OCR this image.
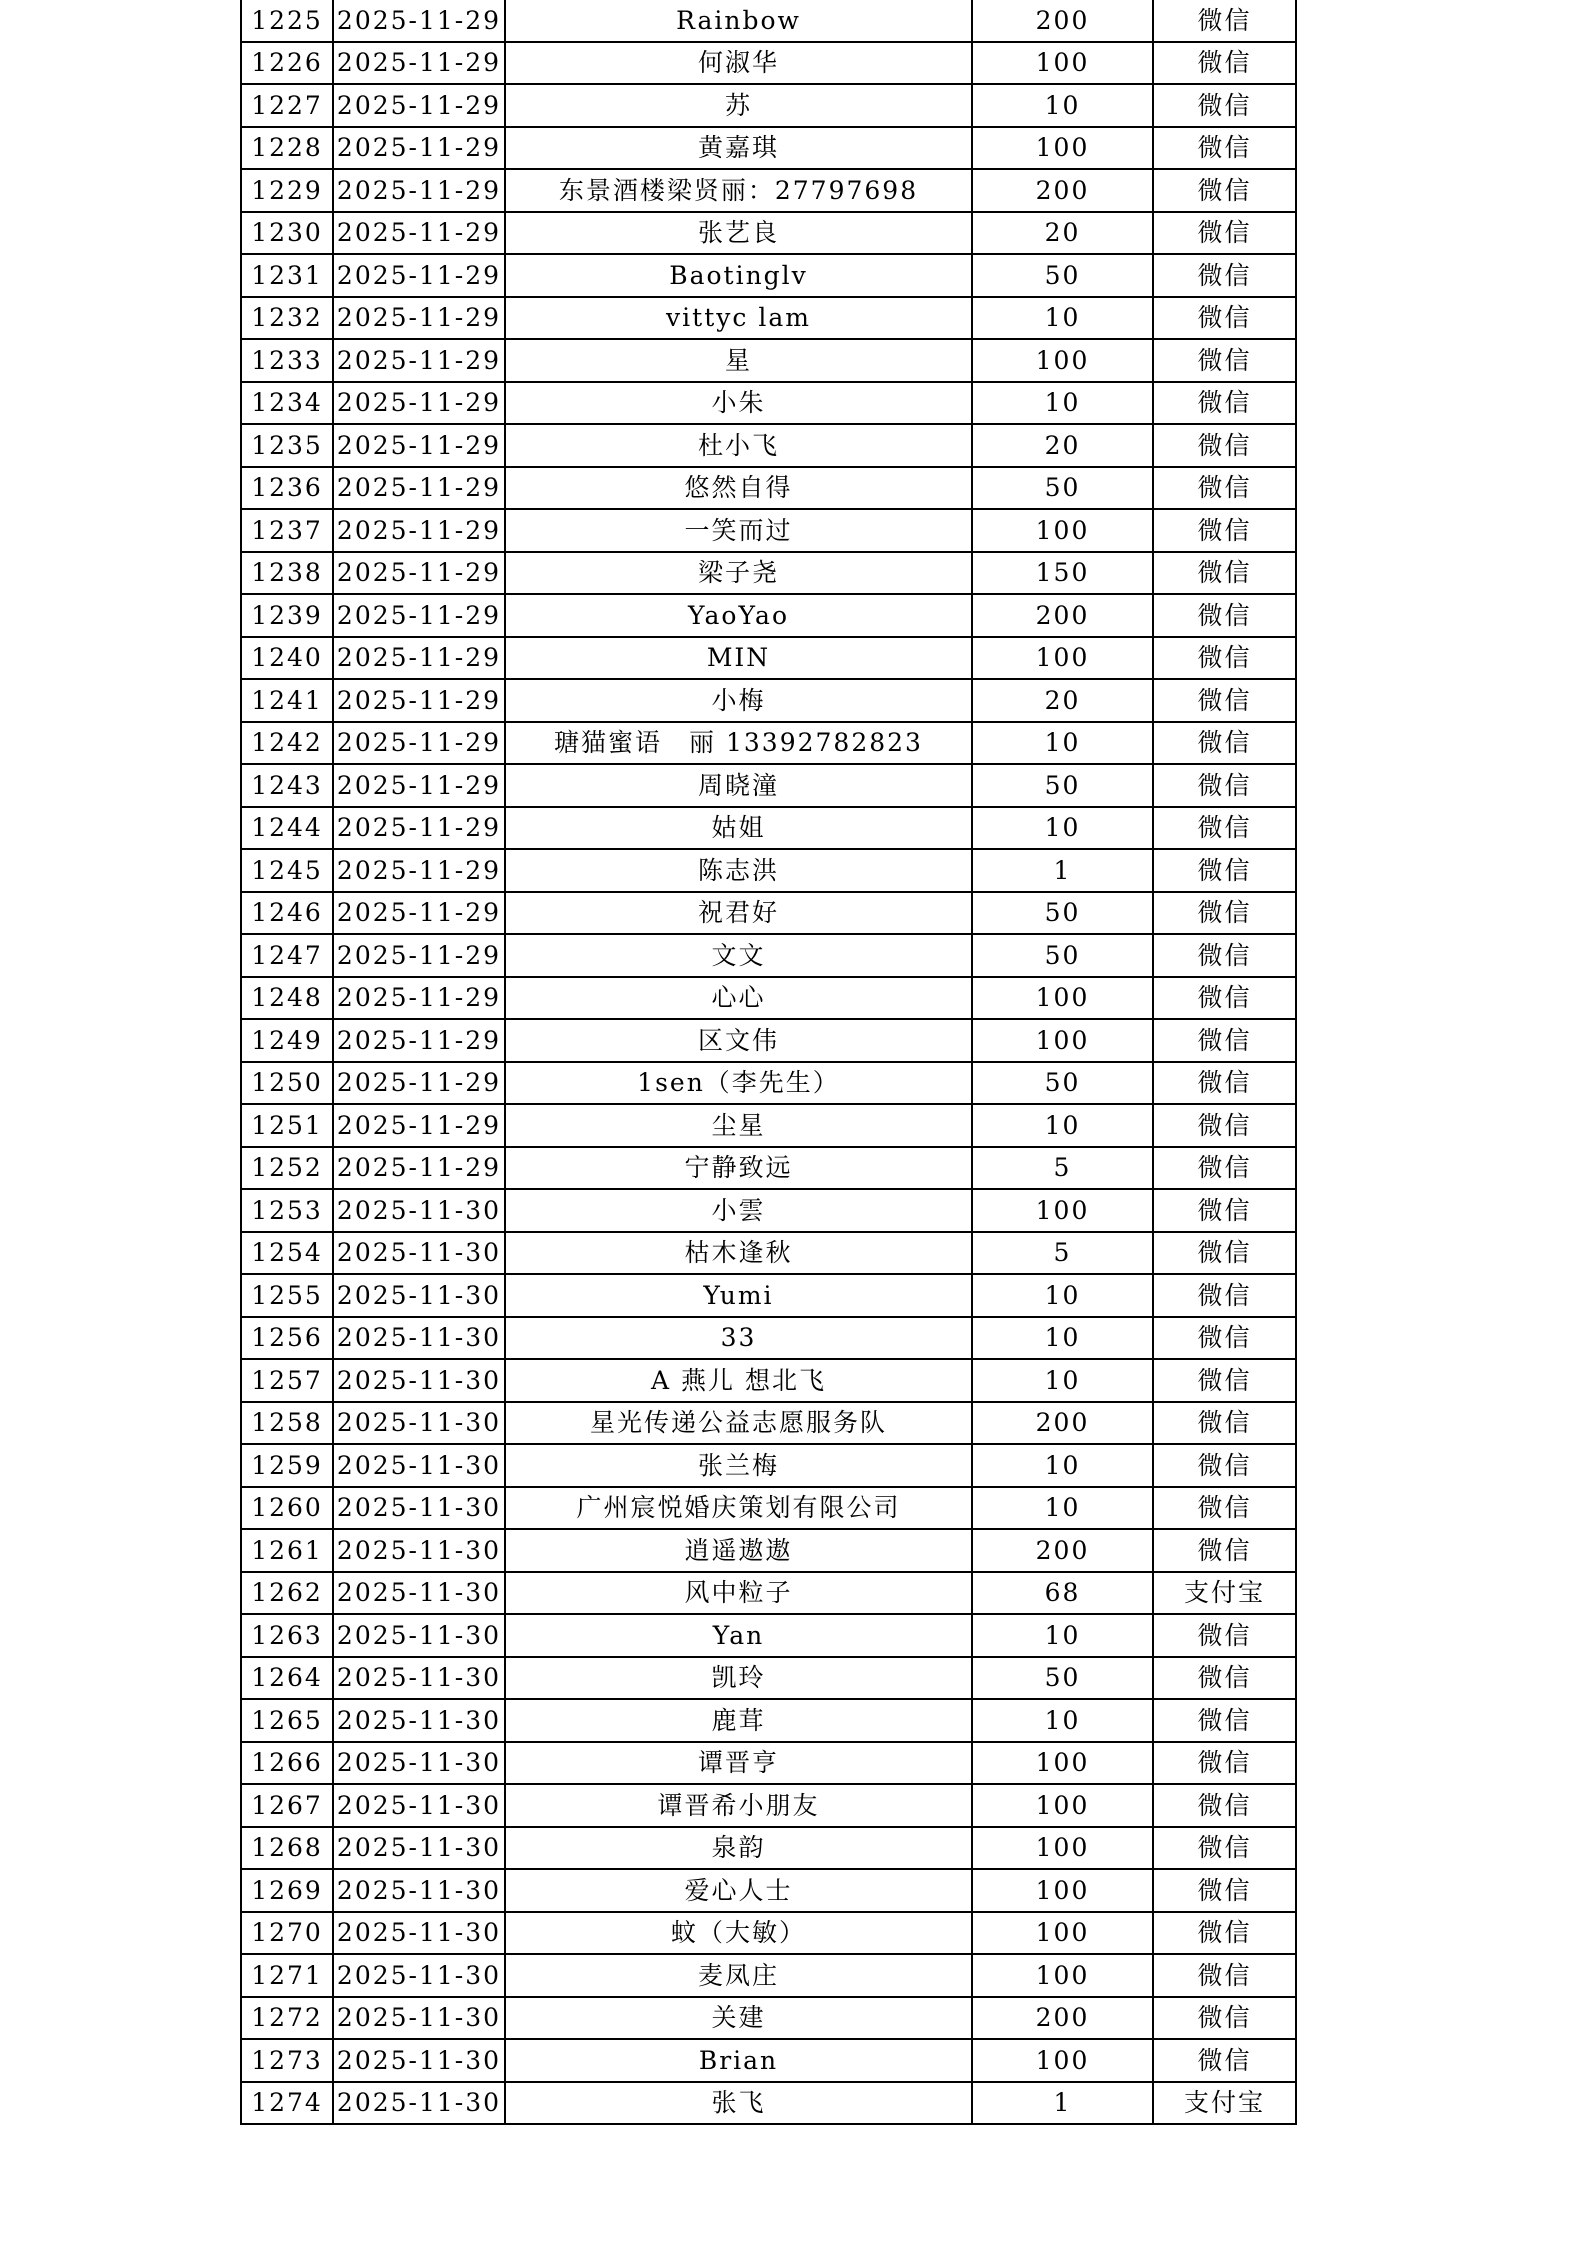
1225	2025-11-29	Rainbow	200	微信
1226	2025-11-29	何淑华	100	微信
1227	2025-11-29	苏	10	微信
1228	2025-11-29	黄嘉琪	100	微信
1229	2025-11-29	东景酒楼梁贤丽：27797698	200	微信
1230	2025-11-29	张艺良	20	微信
1231	2025-11-29	Baotinglv	50	微信
1232	2025-11-29	vittyc lam	10	微信
1233	2025-11-29	星	100	微信
1234	2025-11-29	小朱	10	微信
1235	2025-11-29	杜小飞	20	微信
1236	2025-11-29	悠然自得	50	微信
1237	2025-11-29	一笑而过	100	微信
1238	2025-11-29	梁子尧	150	微信
1239	2025-11-29	YaoYao	200	微信
1240	2025-11-29	MIN	100	微信
1241	2025-11-29	小梅	20	微信
1242	2025-11-29	瑭猫蜜语　丽 13392782823	10	微信
1243	2025-11-29	周晓潼	50	微信
1244	2025-11-29	姑姐	10	微信
1245	2025-11-29	陈志洪	1	微信
1246	2025-11-29	祝君好	50	微信
1247	2025-11-29	文文	50	微信
1248	2025-11-29	心心	100	微信
1249	2025-11-29	区文伟	100	微信
1250	2025-11-29	1sen（李先生）	50	微信
1251	2025-11-29	尘星	10	微信
1252	2025-11-29	宁静致远	5	微信
1253	2025-11-30	小雲	100	微信
1254	2025-11-30	枯木逢秋	5	微信
1255	2025-11-30	Yumi	10	微信
1256	2025-11-30	33	10	微信
1257	2025-11-30	A 燕儿 想北飞	10	微信
1258	2025-11-30	星光传递公益志愿服务队	200	微信
1259	2025-11-30	张兰梅	10	微信
1260	2025-11-30	广州宸悦婚庆策划有限公司	10	微信
1261	2025-11-30	逍遥遨遨	200	微信
1262	2025-11-30	风中粒子	68	支付宝
1263	2025-11-30	Yan	10	微信
1264	2025-11-30	凯玲	50	微信
1265	2025-11-30	鹿茸	10	微信
1266	2025-11-30	谭晋亨	100	微信
1267	2025-11-30	谭晋希小朋友	100	微信
1268	2025-11-30	泉韵	100	微信
1269	2025-11-30	爱心人士	100	微信
1270	2025-11-30	蚊（大敏）	100	微信
1271	2025-11-30	麦凤庄	100	微信
1272	2025-11-30	关建	200	微信
1273	2025-11-30	Brian	100	微信
1274	2025-11-30	张飞	1	支付宝
